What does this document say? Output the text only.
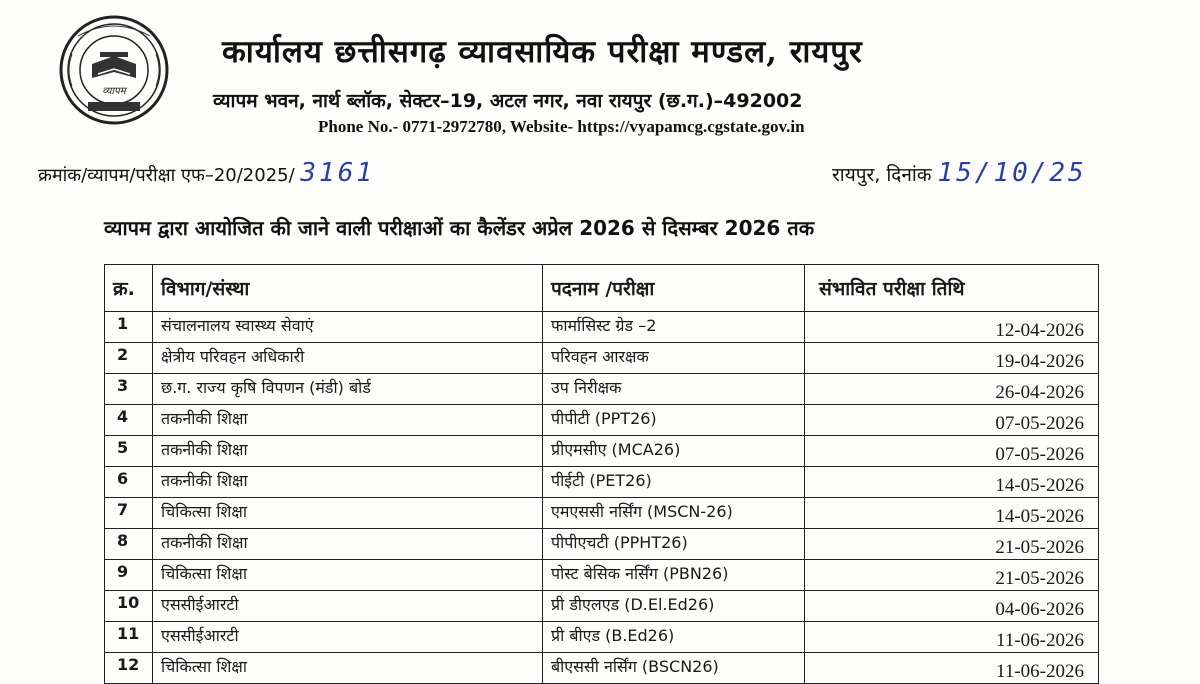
व्यापम
कार्यालय छत्तीसगढ़ व्यावसायिक परीक्षा मण्डल, रायपुर
व्यापम भवन, नार्थ ब्लॉक, सेक्टर–19, अटल नगर, नवा रायपुर (छ.ग.)–492002
Phone No.- 0771-2972780, Website- https://vyapamcg.cgstate.gov.in
क्रमांक/व्यापम/परीक्षा एफ–20/2025/ 3161	रायपुर, दिनांक 15/10/25
व्यापम द्वारा आयोजित की जाने वाली परीक्षाओं का कैलेंडर अप्रेल 2026 से दिसम्बर 2026 तक
क्र.	विभाग/संस्था	पदनाम /परीक्षा	संभावित परीक्षा तिथि
1	संचालनालय स्वास्थ्य सेवाएं	फार्मासिस्ट ग्रेड –2	12-04-2026
2	क्षेत्रीय परिवहन अधिकारी	परिवहन आरक्षक	19-04-2026
3	छ.ग. राज्य कृषि विपणन (मंडी) बोर्ड	उप निरीक्षक	26-04-2026
4	तकनीकी शिक्षा	पीपीटी (PPT26)	07-05-2026
5	तकनीकी शिक्षा	प्रीएमसीए (MCA26)	07-05-2026
6	तकनीकी शिक्षा	पीईटी (PET26)	14-05-2026
7	चिकित्सा शिक्षा	एमएससी नर्सिंग (MSCN-26)	14-05-2026
8	तकनीकी शिक्षा	पीपीएचटी (PPHT26)	21-05-2026
9	चिकित्सा शिक्षा	पोस्ट बेसिक नर्सिंग (PBN26)	21-05-2026
10	एससीईआरटी	प्री डीएलएड (D.El.Ed26)	04-06-2026
11	एससीईआरटी	प्री बीएड (B.Ed26)	11-06-2026
12	चिकित्सा शिक्षा	बीएससी नर्सिंग (BSCN26)	11-06-2026
